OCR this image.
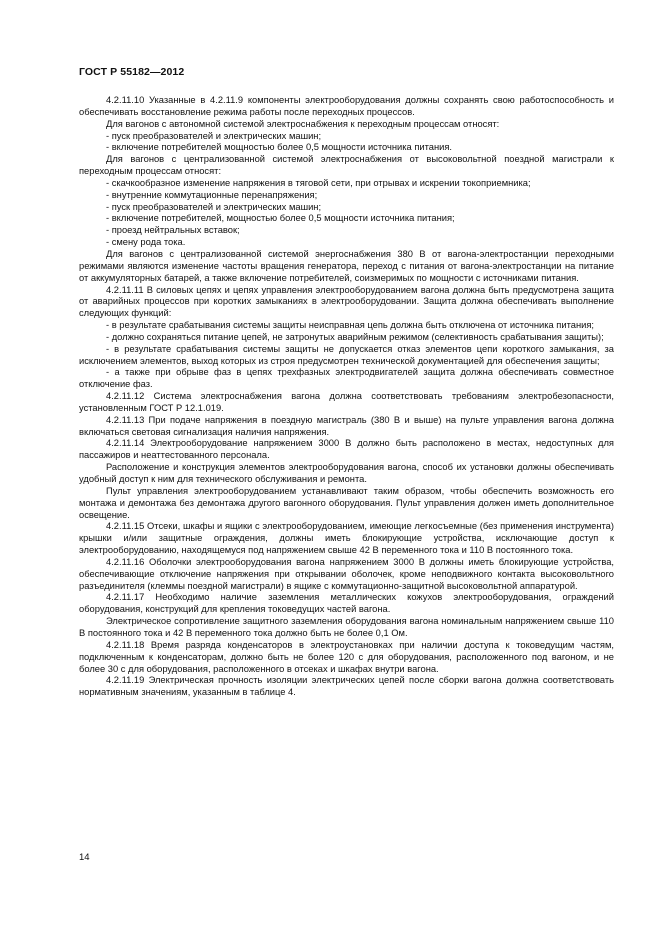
ГОСТ Р 55182—2012

4.2.11.10 Указанные в 4.2.11.9 компоненты электрооборудования должны сохранять свою работоспособность и обеспечивать восстановление режима работы после переходных процессов.

Для вагонов с автономной системой электроснабжения к переходным процессам относят:

- пуск преобразователей и электрических машин;

- включение потребителей мощностью более 0,5 мощности источника питания.

Для вагонов с централизованной системой электроснабжения от высоковольтной поездной магистрали к переходным процессам относят:

- скачкообразное изменение напряжения в тяговой сети, при отрывах и искрении токоприемника;

- внутренние коммутационные перенапряжения;

- пуск преобразователей и электрических машин;

- включение потребителей, мощностью более 0,5 мощности источника питания;

- проезд нейтральных вставок;

- смену рода тока.

Для вагонов с централизованной системой энергоснабжения 380 В от вагона-электростанции переходными режимами являются изменение частоты вращения генератора, переход с питания от вагона-электростанции на питание от аккумуляторных батарей, а также включение потребителей, соизмеримых по мощности с источниками питания.

4.2.11.11 В силовых цепях и цепях управления электрооборудованием вагона должна быть предусмотрена защита от аварийных процессов при коротких замыканиях в электрооборудовании. Защита должна обеспечивать выполнение следующих функций:

- в результате срабатывания системы защиты неисправная цепь должна быть отключена от источника питания;

- должно сохраняться питание цепей, не затронутых аварийным режимом (селективность срабатывания защиты);

- в результате срабатывания системы защиты не допускается отказ элементов цепи короткого замыкания, за исключением элементов, выход которых из строя предусмотрен технической документацией для обеспечения защиты;

- а также при обрыве фаз в цепях трехфазных электродвигателей защита должна обеспечивать совместное отключение фаз.

4.2.11.12 Система электроснабжения вагона должна соответствовать требованиям электробезопасности, установленным ГОСТ Р 12.1.019.

4.2.11.13 При подаче напряжения в поездную магистраль (380 В и выше) на пульте управления вагона должна включаться световая сигнализация наличия напряжения.

4.2.11.14 Электрооборудование напряжением 3000 В должно быть расположено в местах, недоступных для пассажиров и неаттестованного персонала.

Расположение и конструкция элементов электрооборудования вагона, способ их установки должны обеспечивать удобный доступ к ним для технического обслуживания и ремонта.

Пульт управления электрооборудованием устанавливают таким образом, чтобы обеспечить возможность его монтажа и демонтажа без демонтажа другого вагонного оборудования. Пульт управления должен иметь дополнительное освещение.

4.2.11.15 Отсеки, шкафы и ящики с электрооборудованием, имеющие легкосъемные (без применения инструмента) крышки и/или защитные ограждения, должны иметь блокирующие устройства, исключающие доступ к электрооборудованию, находящемуся под напряжением свыше 42 В переменного тока и 110 В постоянного тока.

4.2.11.16 Оболочки электрооборудования вагона напряжением 3000 В должны иметь блокирующие устройства, обеспечивающие отключение напряжения при открывании оболочек, кроме неподвижного контакта высоковольтного разъединителя (клеммы поездной магистрали) в ящике с коммутационно-защитной высоковольтной аппаратурой.

4.2.11.17 Необходимо наличие заземления металлических кожухов электрооборудования, ограждений оборудования, конструкций для крепления токоведущих частей вагона.

Электрическое сопротивление защитного заземления оборудования вагона номинальным напряжением свыше 110 В постоянного тока и 42 В переменного тока должно быть не более 0,1 Ом.

4.2.11.18 Время разряда конденсаторов в электроустановках при наличии доступа к токоведущим частям, подключенным к конденсаторам, должно быть не более 120 с для оборудования, расположенного под вагоном, и не более 30 с для оборудования, расположенного в отсеках и шкафах внутри вагона.

4.2.11.19 Электрическая прочность изоляции электрических цепей после сборки вагона должна соответствовать нормативным значениям, указанным в таблице 4.

14
